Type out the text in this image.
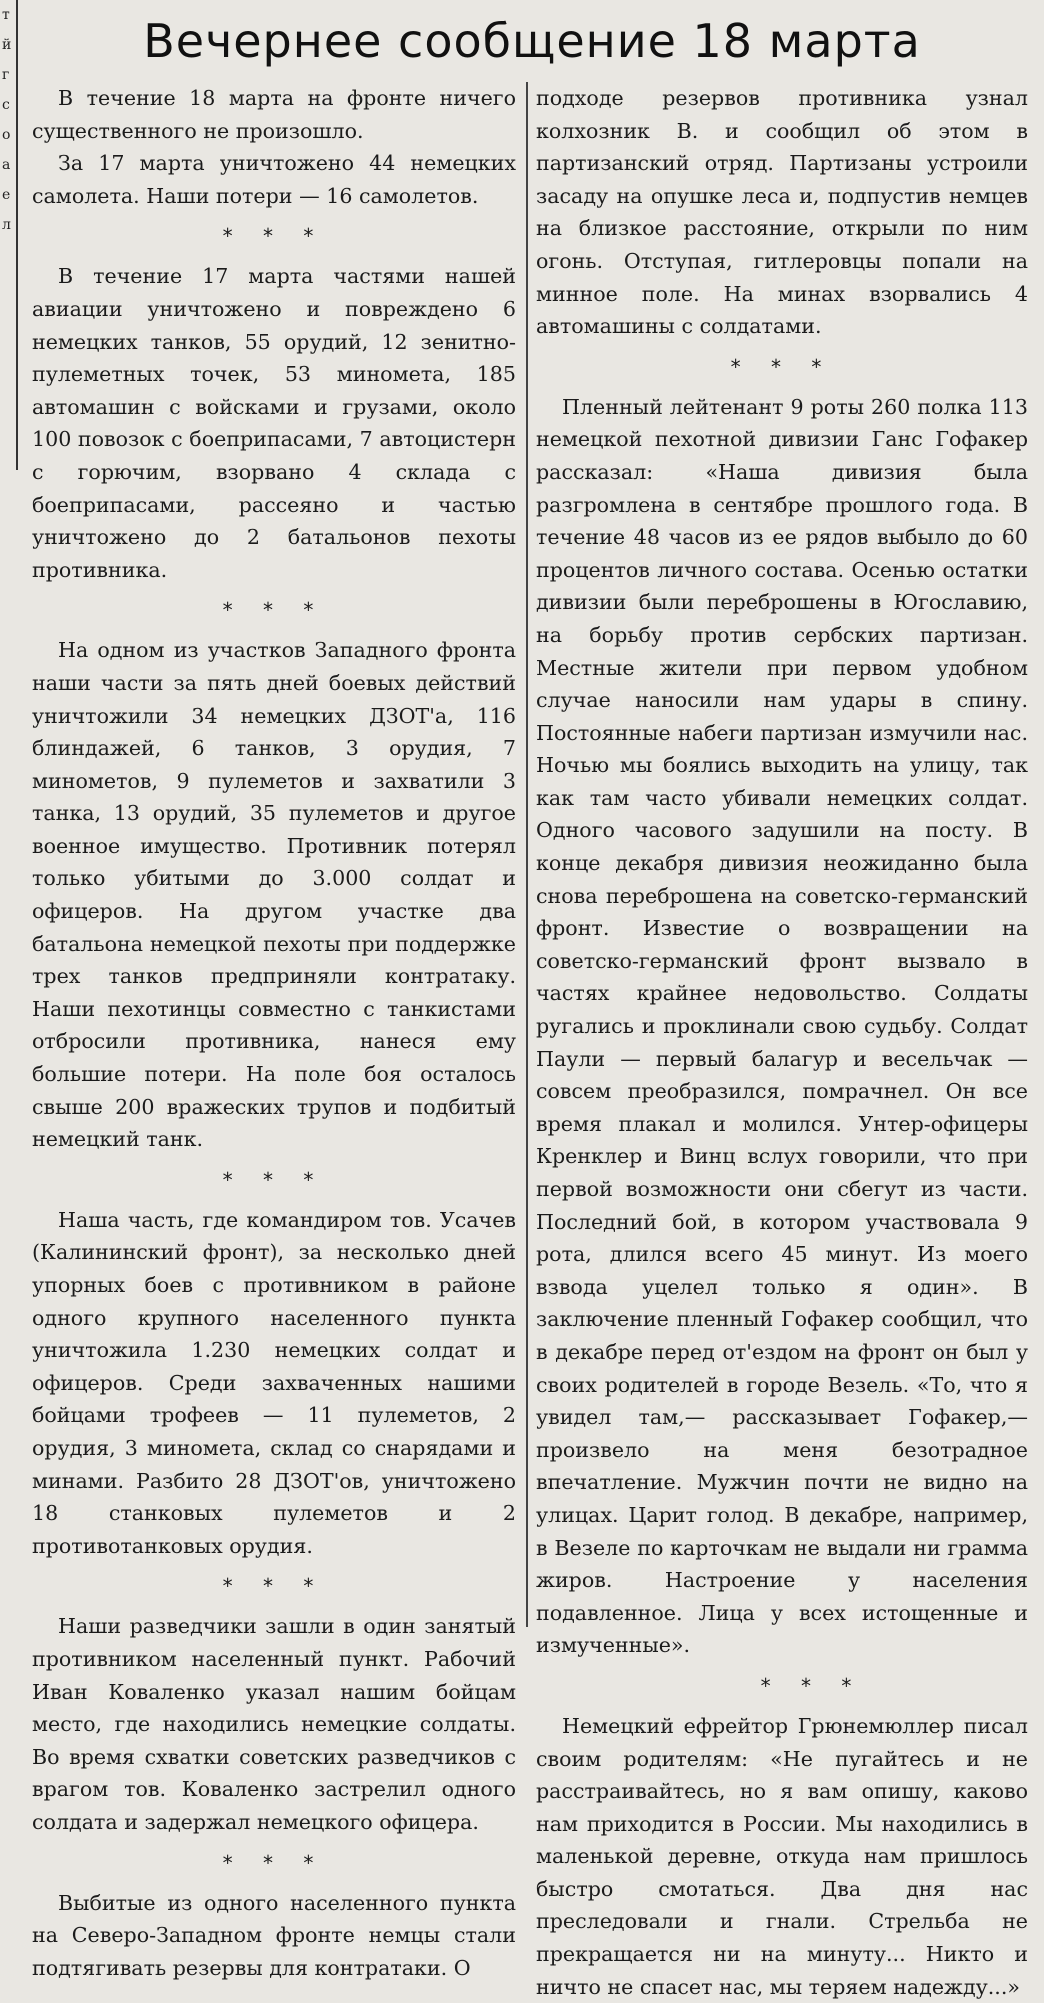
т
й
г
с
о
а
е
л
Вечернее сообщение 18 марта

В течение 18 марта на фронте ничего существенного не произошло.

За 17 марта уничтожено 44 немецких самолета. Наши потери — 16 самолетов.

* * *

В течение 17 марта частями нашей авиации уничтожено и повреждено 6 немецких танков, 55 орудий, 12 зенитно-пулеметных точек, 53 миномета, 185 автомашин с войсками и грузами, около 100 повозок с боеприпасами, 7 автоцистерн с горючим, взорвано 4 склада с боеприпасами, рассеяно и частью уничтожено до 2 батальонов пехоты противника.

* * *

На одном из участков Западного фронта наши части за пять дней боевых действий уничтожили 34 немецких ДЗОТ'а, 116 блиндажей, 6 танков, 3 орудия, 7 минометов, 9 пулеметов и захватили 3 танка, 13 орудий, 35 пулеметов и другое военное имущество. Противник потерял только убитыми до 3.000 солдат и офицеров. На другом участке два батальона немецкой пехоты при поддержке трех танков предприняли контратаку. Наши пехотинцы совместно с танкистами отбросили противника, нанеся ему большие потери. На поле боя осталось свыше 200 вражеских трупов и подбитый немецкий танк.

* * *

Наша часть, где командиром тов. Усачев (Калининский фронт), за несколько дней упорных боев с противником в районе одного крупного населенного пункта уничтожила 1.230 немецких солдат и офицеров. Среди захваченных нашими бойцами трофеев — 11 пулеметов, 2 орудия, 3 миномета, склад со снарядами и минами. Разбито 28 ДЗОТ'ов, уничтожено 18 станковых пулеметов и 2 противотанковых орудия.

* * *

Наши разведчики зашли в один занятый противником населенный пункт. Рабочий Иван Коваленко указал нашим бойцам место, где находились немецкие солдаты. Во время схватки советских разведчиков с врагом тов. Коваленко застрелил одного солдата и задержал немецкого офицера.

* * *

Выбитые из одного населенного пункта на Северо-Западном фронте немцы стали подтягивать резервы для контратаки. О

подходе резервов противника узнал колхозник В. и сообщил об этом в партизанский отряд. Партизаны устроили засаду на опушке леса и, подпустив немцев на близкое расстояние, открыли по ним огонь. Отступая, гитлеровцы попали на минное поле. На минах взорвались 4 автомашины с солдатами.

* * *

Пленный лейтенант 9 роты 260 полка 113 немецкой пехотной дивизии Ганс Гофакер рассказал: «Наша дивизия была разгромлена в сентябре прошлого года. В течение 48 часов из ее рядов выбыло до 60 процентов личного состава. Осенью остатки дивизии были переброшены в Югославию, на борьбу против сербских партизан. Местные жители при первом удобном случае наносили нам удары в спину. Постоянные набеги партизан измучили нас. Ночью мы боялись выходить на улицу, так как там часто убивали немецких солдат. Одного часового задушили на посту. В конце декабря дивизия неожиданно была снова переброшена на советско-германский фронт. Известие о возвращении на советско-германский фронт вызвало в частях крайнее недовольство. Солдаты ругались и проклинали свою судьбу. Солдат Паули — первый балагур и весельчак — совсем преобразился, помрачнел. Он все время плакал и молился. Унтер-офицеры Кренклер и Винц вслух говорили, что при первой возможности они сбегут из части. Последний бой, в котором участвовала 9 рота, длился всего 45 минут. Из моего взвода уцелел только я один». В заключение пленный Гофакер сообщил, что в декабре перед от'ездом на фронт он был у своих родителей в городе Везель. «То, что я увидел там,— рассказывает Гофакер,— произвело на меня безотрадное впечатление. Мужчин почти не видно на улицах. Царит голод. В декабре, например, в Везеле по карточкам не выдали ни грамма жиров. Настроение у населения подавленное. Лица у всех истощенные и измученные».

* * *

Немецкий ефрейтор Грюнемюллер писал своим родителям: «Не пугайтесь и не расстраивайтесь, но я вам опишу, каково нам приходится в России. Мы находились в маленькой деревне, откуда нам пришлось быстро смотаться. Два дня нас преследовали и гнали. Стрельба не прекращается ни на минуту... Никто и ничто не спасет нас, мы теряем надежду...»
